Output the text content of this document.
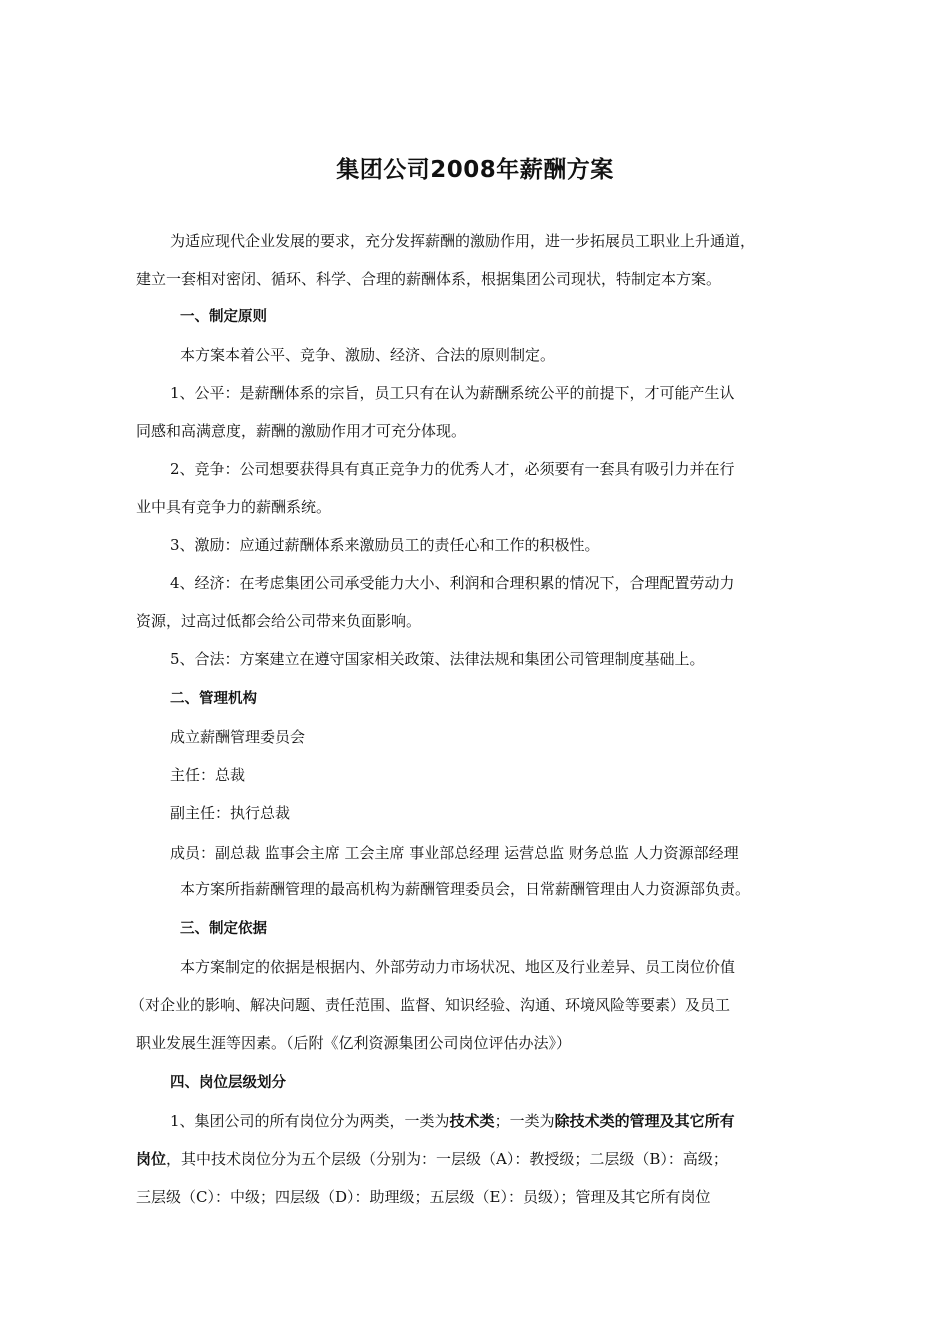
集团公司2008年薪酬方案
为适应现代企业发展的要求，充分发挥薪酬的激励作用，进一步拓展员工职业上升通道，
建立一套相对密闭、循环、科学、合理的薪酬体系，根据集团公司现状，特制定本方案。
一、制定原则
本方案本着公平、竞争、激励、经济、合法的原则制定。
1、公平：是薪酬体系的宗旨，员工只有在认为薪酬系统公平的前提下，才可能产生认
同感和高满意度，薪酬的激励作用才可充分体现。
2、竞争：公司想要获得具有真正竞争力的优秀人才，必须要有一套具有吸引力并在行
业中具有竞争力的薪酬系统。
3、激励：应通过薪酬体系来激励员工的责任心和工作的积极性。
4、经济：在考虑集团公司承受能力大小、利润和合理积累的情况下，合理配置劳动力
资源，过高过低都会给公司带来负面影响。
5、合法：方案建立在遵守国家相关政策、法律法规和集团公司管理制度基础上。
二、管理机构
成立薪酬管理委员会
主任：总裁
副主任：执行总裁
成员：副总裁 监事会主席 工会主席 事业部总经理 运营总监 财务总监 人力资源部经理
本方案所指薪酬管理的最高机构为薪酬管理委员会，日常薪酬管理由人力资源部负责。
三、制定依据
本方案制定的依据是根据内、外部劳动力市场状况、地区及行业差异、员工岗位价值
（对企业的影响、解决问题、责任范围、监督、知识经验、沟通、环境风险等要素）及员工
职业发展生涯等因素。（后附《亿利资源集团公司岗位评估办法》）
四、岗位层级划分
1、集团公司的所有岗位分为两类，一类为技术类；一类为除技术类的管理及其它所有
岗位，其中技术岗位分为五个层级（分别为：一层级（A）：教授级；二层级（B）：高级；
三层级（C）：中级；四层级（D）：助理级；五层级（E）：员级）；管理及其它所有岗位
